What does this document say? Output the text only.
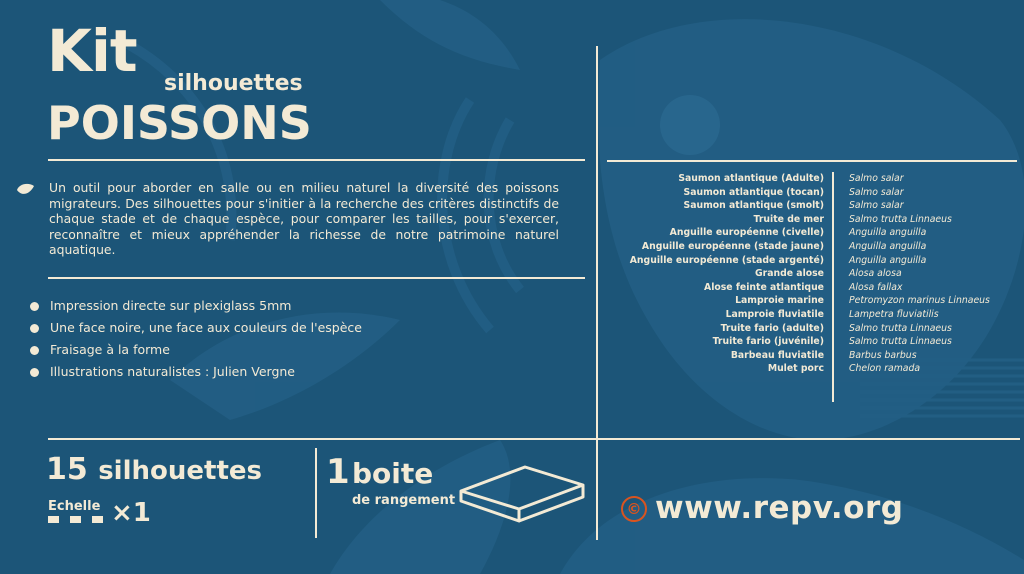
Kit silhouettes
POISSONS
Un outil pour aborder en salle ou en milieu naturel la diversité des poissons migrateurs. Des silhouettes pour s'initier à la recherche des critères distinctifs de chaque stade et de chaque espèce, pour comparer les tailles, pour s'exercer, reconnaître et mieux appréhender la richesse de notre patrimoine naturel aquatique.
Impression directe sur plexiglass 5mm
Une face noire, une face aux couleurs de l'espèce
Fraisage à la forme
Illustrations naturalistes : Julien Vergne
15 silhouettes
Echelle ×1
1 boite
de rangement	© www.repv.org
Saumon atlantique (Adulte)	Salmo salar
Saumon atlantique (tocan)	Salmo salar
Saumon atlantique (smolt)	Salmo salar
Truite de mer	Salmo trutta Linnaeus
Anguille européenne (civelle)	Anguilla anguilla
Anguille européenne (stade jaune)	Anguilla anguilla
Anguille européenne (stade argenté)	Anguilla anguilla
Grande alose	Alosa alosa
Alose feinte atlantique	Alosa fallax
Lamproie marine	Petromyzon marinus Linnaeus
Lamproie fluviatile	Lampetra fluviatilis
Truite fario (adulte)	Salmo trutta Linnaeus
Truite fario (juvénile)	Salmo trutta Linnaeus
Barbeau fluviatile	Barbus barbus
Mulet porc	Chelon ramada
